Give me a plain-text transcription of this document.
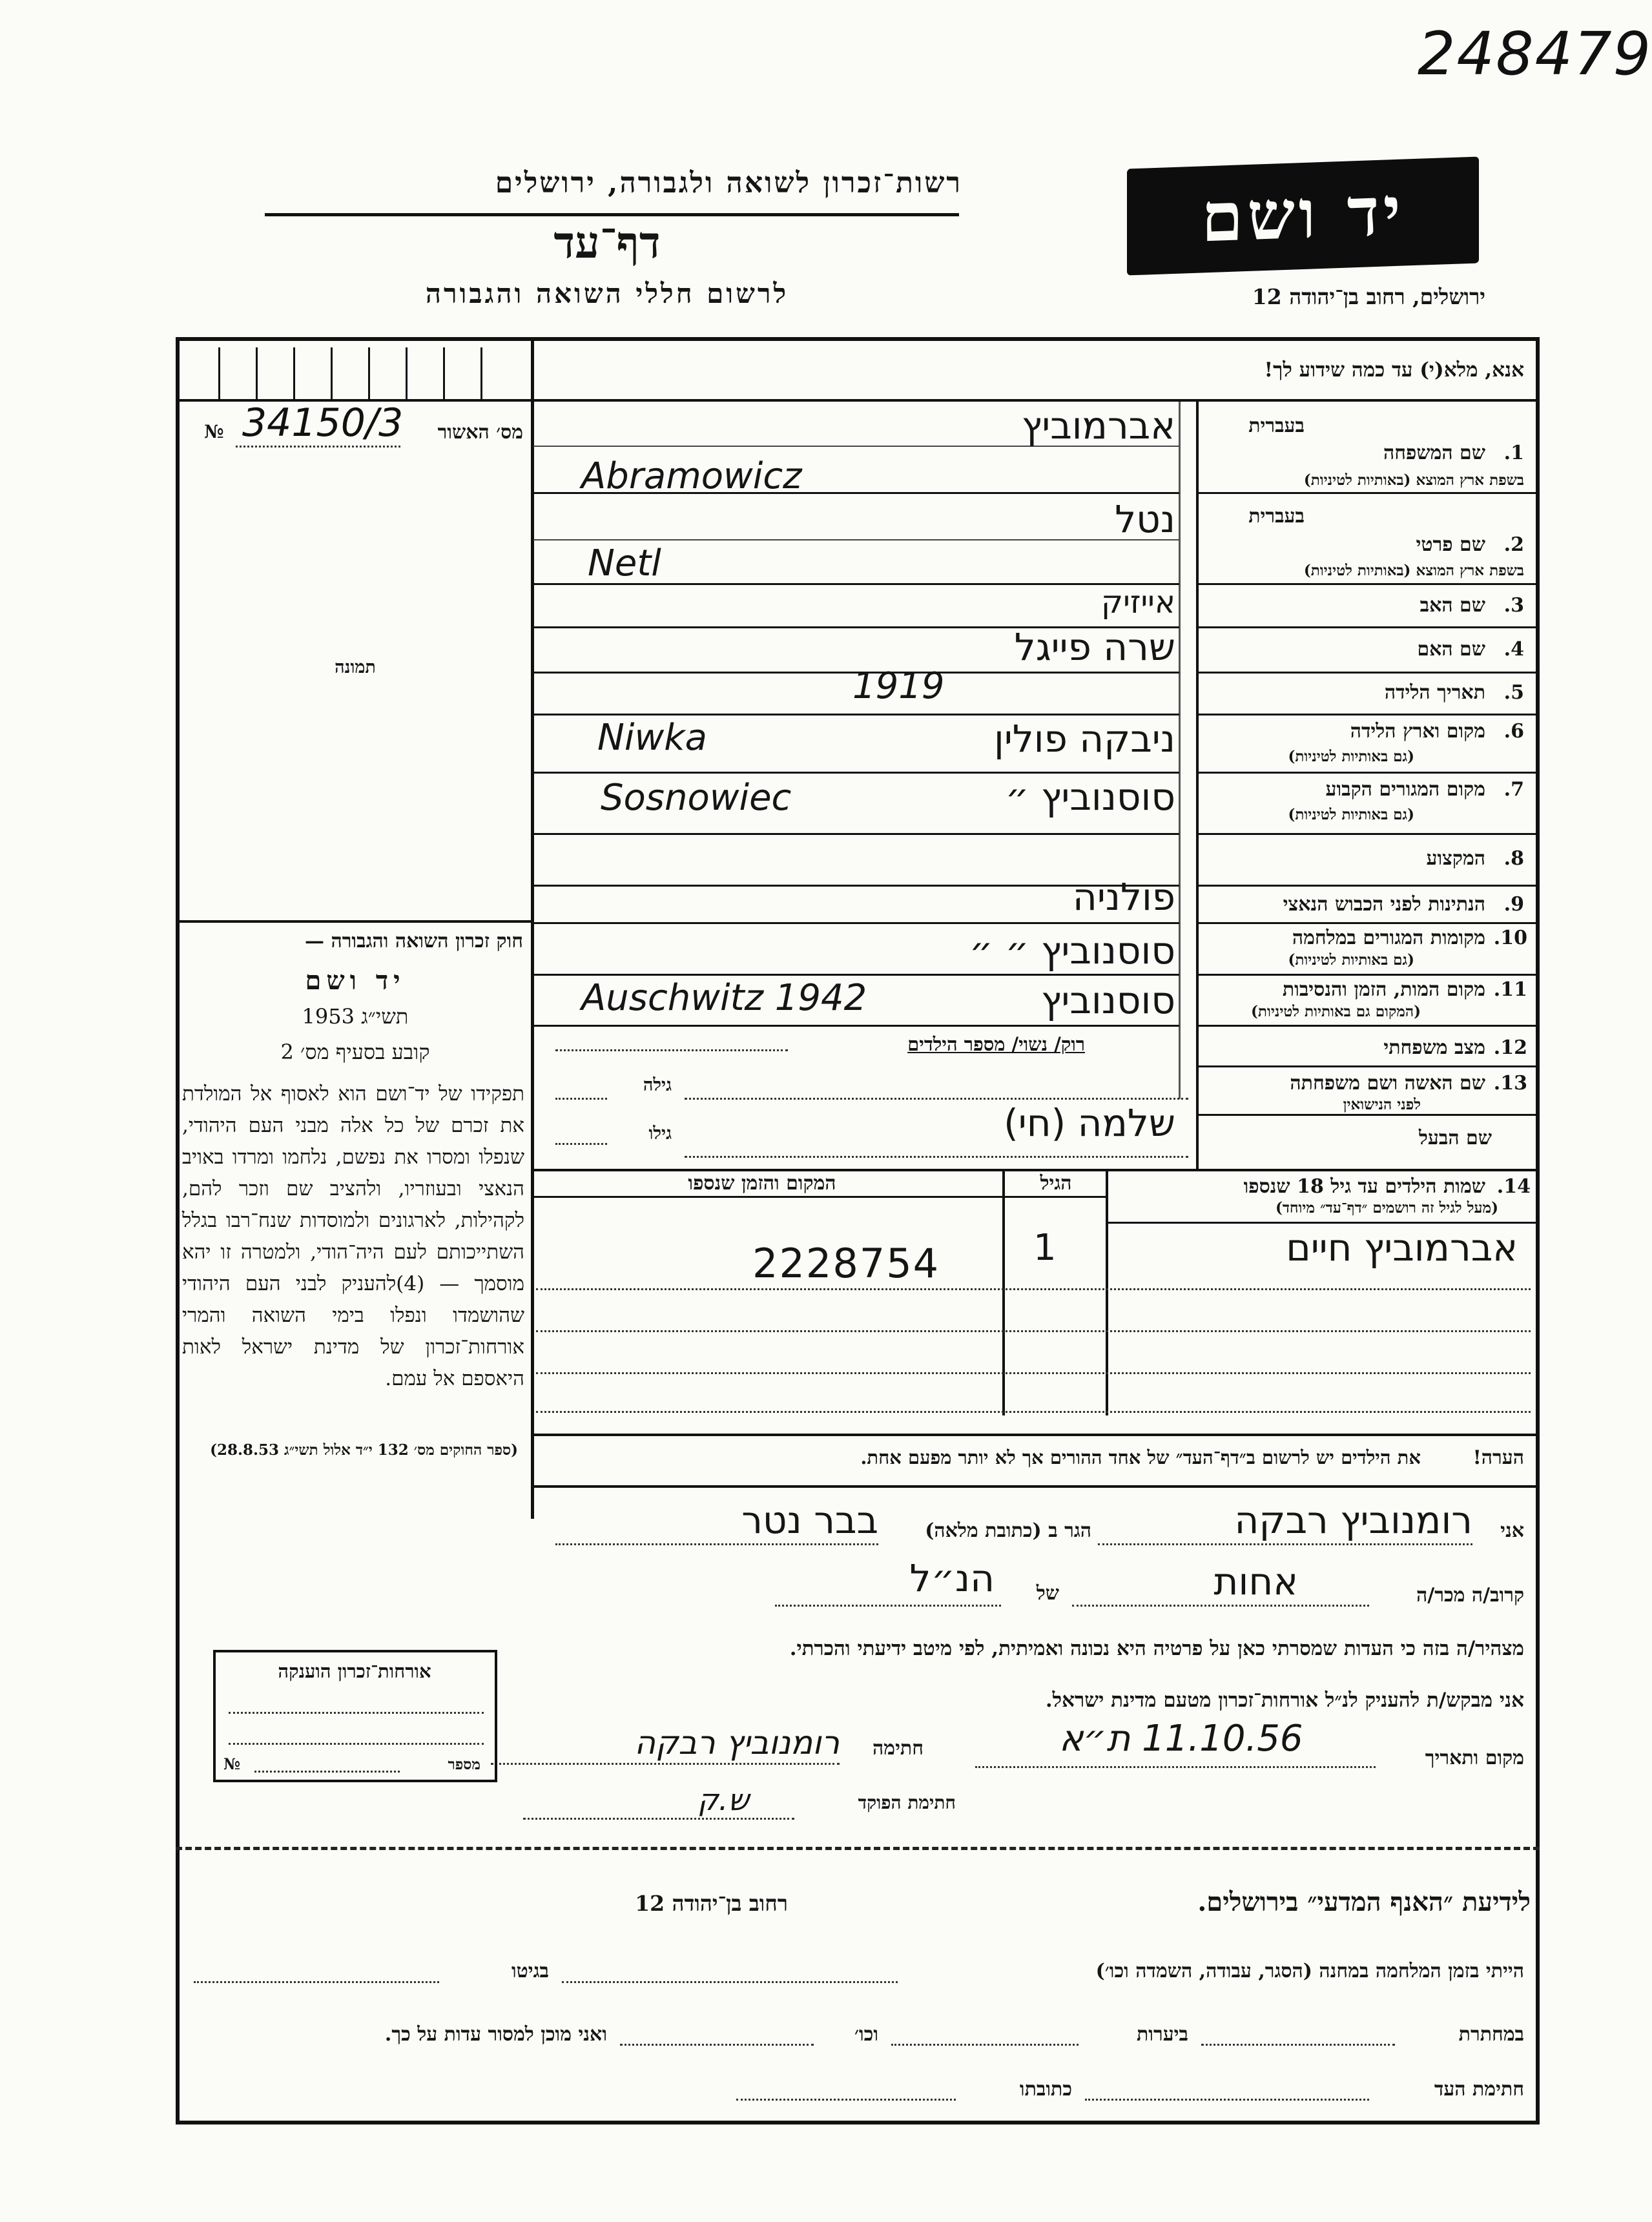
248479
רשות־זכרון לשואה ולגבורה, ירושלים
דף־עד
לרשום חללי השואה והגבורה
יד ושם
ירושלים, רחוב בן־יהודה 12
אנא, מלא(י) עד כמה שידוע לך!
מס׳ האשור
№ 34150/3
תמונה
חוק זכרון השואה והגבורה —
יד ושם
תשי״ג 1953
קובע בסעיף מס׳ 2
תפקידו של יד־ושם הוא לאסוף אל המולדת את זכרם של כל אלה מבני העם היהודי, שנפלו ומסרו את נפשם, נלחמו ומרדו באויב הנאצי ובעוזריו, ולהציב שם וזכר להם, לקהילות, לארגונים ולמוסדות שנח־רבו בגלל השתייכותם לעם היה־הודי, ולמטרה זו יהא מוסמך — (4)להעניק לבני העם היהודי שהושמדו ונפלו בימי השואה והמרי אורחות־זכרון של מדינת ישראל לאות היאספם אל עמם.
(ספר החוקים מס׳ 132 י״ד אלול תשי״ג 28.8.53)
בעברית
1.
שם המשפחה
בשפת ארץ המוצא (באותיות לטיניות)
אברמוביץ
Abramowicz
בעברית
2.
שם פרטי
בשפת ארץ המוצא (באותיות לטיניות)
נטל
Netl
3.
שם האב
אייזיק
4.
שם האם
שרה פייגל
5.
תאריך הלידה
1919
6.
מקום וארץ הלידה
(גם באותיות לטיניות)
ניבקה פולין
Niwka
7.
מקום המגורים הקבוע
(גם באותיות לטיניות)
סוסנוביץ ״
Sosnowiec
8.
המקצוע
9.
הנתינות לפני הכבוש הנאצי
פולניה
10.
מקומות המגורים במלחמה
(גם באותיות לטיניות)
סוסנוביץ ״ ״
11.
מקום המות, הזמן והנסיבות
(המקום גם באותיות לטיניות)
סוסנוביץ
Auschwitz 1942
12.
מצב משפחתי
רוק/ נשוי/ מספר הילדים
13.
שם האשה ושם משפחתה
לפני הנישואין
גילה
שם הבעל
גילו	שלמה (חי)
14.
שמות הילדים עד גיל 18 שנספו
(מעל לגיל זה רושמים ״דף־עד״ מיוחד)
הגיל
המקום והזמן שנספו
אברמוביץ חיים
1
2228754
הערה!
את הילדים יש לרשום ב״דף־העד״ של אחד ההורים אך לא יותר מפעם אחת.
אני
רומנוביץ רבקה
הגר ב (כתובת מלאה)
בבר נטר
קרוב/ה מכר/ה
אחות
של
הנ״ל
מצהיר/ה בזה כי העדות שמסרתי כאן על פרטיה היא נכונה ואמיתית, לפי מיטב ידיעתי והכרתי.
אני מבקש/ת להעניק לנ״ל אורחות־זכרון מטעם מדינת ישראל.
מקום ותאריך
11.10.56 ת״א
חתימה
רומנוביץ רבקה
חתימת הפוקד
ש.ק
אורחות־זכרון הוענקה
מספר
№
לידיעת ״האנף המדעי״ בירושלים.
רחוב בן־יהודה 12
הייתי בזמן המלחמה במחנה (הסגר, עבודה, השמדה וכו׳)
בגיטו
במחתרת
ביערות
וכו׳
ואני מוכן למסור עדות על כך.
חתימת העד
כתובתו
